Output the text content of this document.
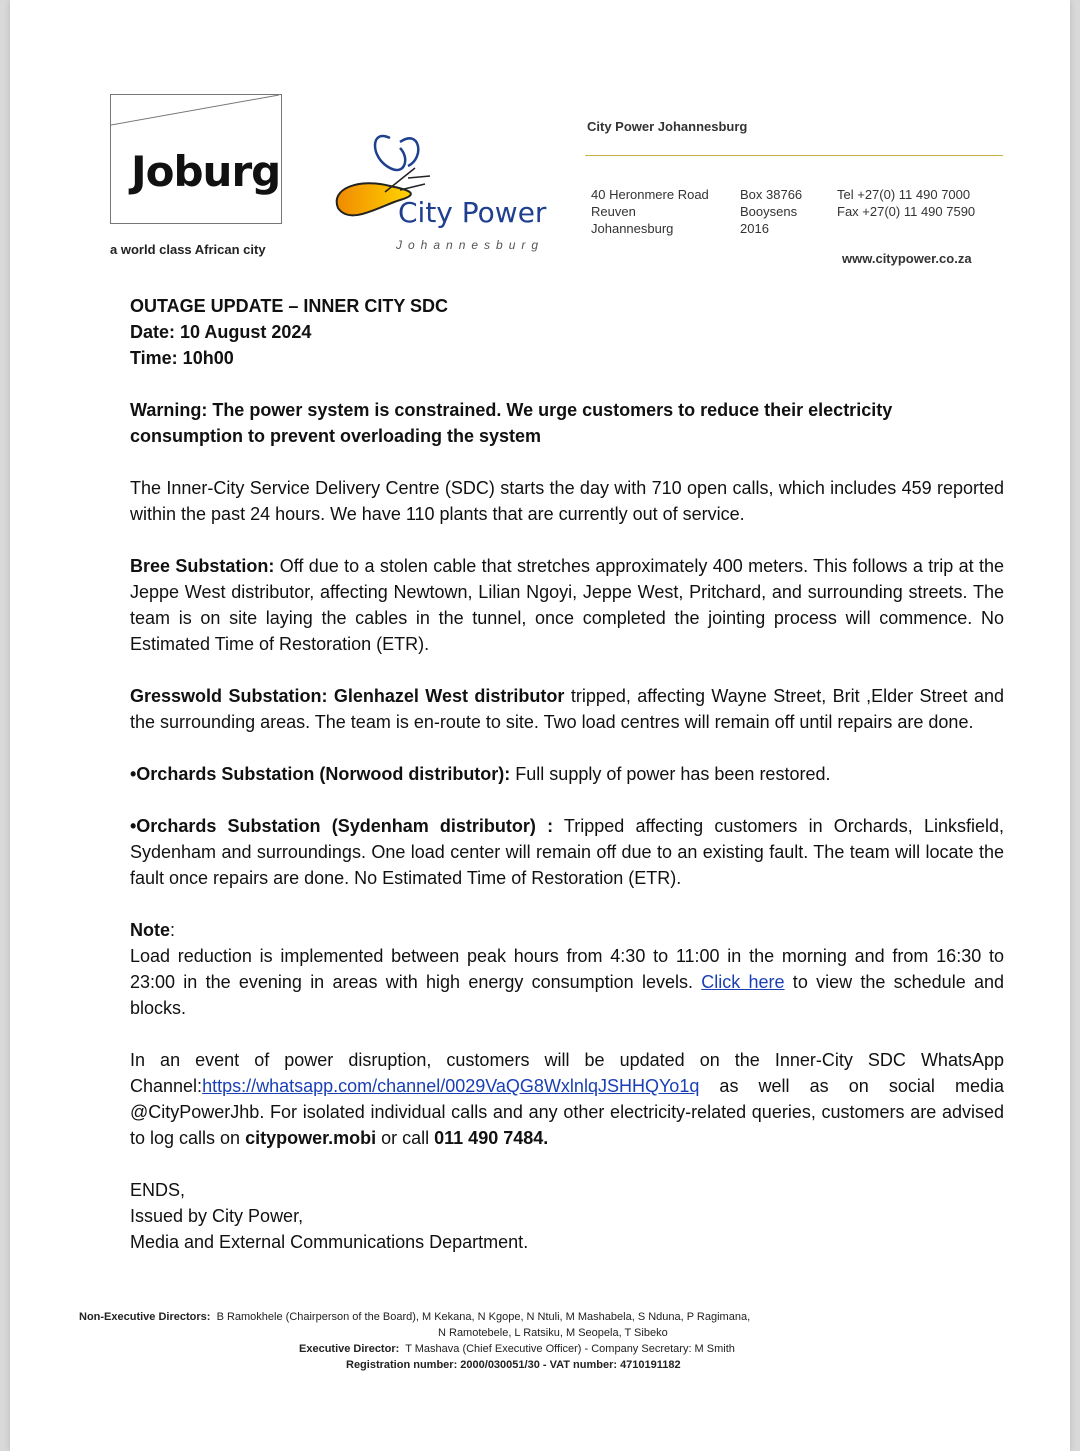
Joburg
a world class African city
City Power
Johannesburg
City Power Johannesburg
40 Heronmere Road
Reuven
Johannesburg
Box 38766
Booysens
2016
Tel +27(0) 11 490 7000
Fax +27(0) 11 490 7590
www.citypower.co.za

OUTAGE UPDATE – INNER CITY SDC

Date: 10 August 2024

Time: 10h00

Warning: The power system is constrained. We urge customers to reduce their electricity consumption to prevent overloading the system

The Inner-City Service Delivery Centre (SDC) starts the day with 710 open calls, which includes 459 reported within the past 24 hours. We have 110 plants that are currently out of service.

Bree Substation: Off due to a stolen cable that stretches approximately 400 meters. This follows a trip at the Jeppe West distributor, affecting Newtown, Lilian Ngoyi, Jeppe West, Pritchard, and surrounding streets. The team is on site laying the cables in the tunnel, once completed the jointing process will commence. No Estimated Time of Restoration (ETR).

Gresswold Substation: Glenhazel West distributor tripped, affecting Wayne Street, Brit ,Elder Street and the surrounding areas. The team is en-route to site. Two load centres will remain off until repairs are done.

•Orchards Substation (Norwood distributor): Full supply of power has been restored.

•Orchards Substation (Sydenham distributor) : Tripped affecting customers in Orchards, Linksfield, Sydenham and surroundings. One load center will remain off due to an existing fault. The team will locate the fault once repairs are done. No Estimated Time of Restoration (ETR).

Note:

Load reduction is implemented between peak hours from 4:30 to 11:00 in the morning and from 16:30 to 23:00 in the evening in areas with high energy consumption levels. Click here to view the schedule and blocks.

In an event of power disruption, customers will be updated on the Inner-City SDC WhatsApp Channel:https://whatsapp.com/channel/0029VaQG8WxlnlqJSHHQYo1q as well as on social media @CityPowerJhb. For isolated individual calls and any other electricity-related queries, customers are advised to log calls on citypower.mobi or call 011 490 7484.

ENDS,

Issued by City Power,

Media and External Communications Department.

Non-Executive Directors: B Ramokhele (Chairperson of the Board), M Kekana, N Kgope, N Ntuli, M Mashabela, S Nduna, P Ragimana,
N Ramotebele, L Ratsiku, M Seopela, T Sibeko
Executive Director: T Mashava (Chief Executive Officer) - Company Secretary: M Smith
Registration number: 2000/030051/30 - VAT number: 4710191182
